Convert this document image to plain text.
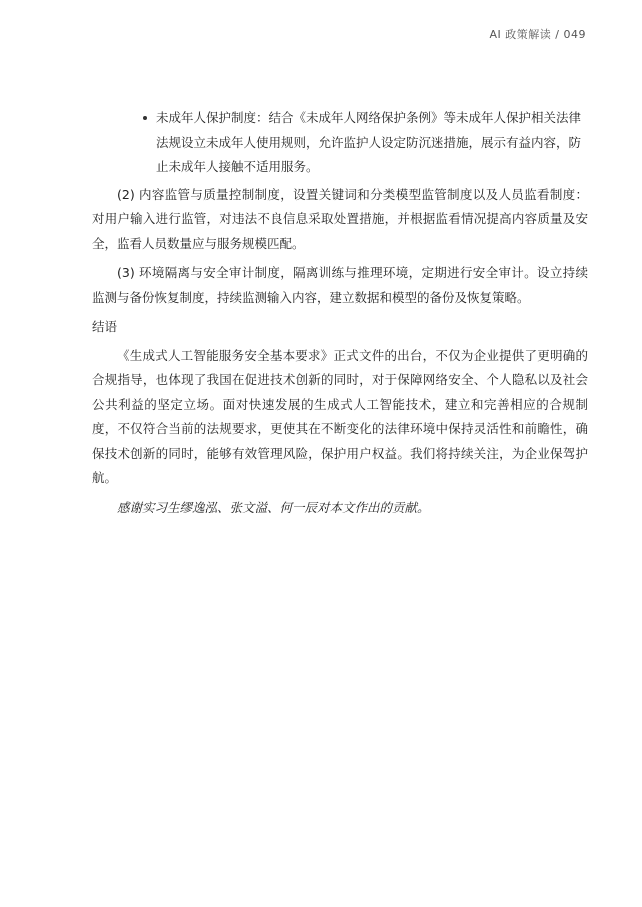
AI 政策解读 / 049
未成年人保护制度：结合《未成年人网络保护条例》等未成年人保护相关法律法规设立未成年人使用规则，允许监护人设定防沉迷措施，展示有益内容，防止未成年人接触不适用服务。

(2) 内容监管与质量控制制度，设置关键词和分类模型监管制度以及人员监看制度：对用户输入进行监管，对违法不良信息采取处置措施，并根据监看情况提高内容质量及安全，监看人员数量应与服务规模匹配。

(3) 环境隔离与安全审计制度，隔离训练与推理环境，定期进行安全审计。设立持续监测与备份恢复制度，持续监测输入内容，建立数据和模型的备份及恢复策略。

结语

《生成式人工智能服务安全基本要求》正式文件的出台，不仅为企业提供了更明确的合规指导，也体现了我国在促进技术创新的同时，对于保障网络安全、个人隐私以及社会公共利益的坚定立场。面对快速发展的生成式人工智能技术，建立和完善相应的合规制度，不仅符合当前的法规要求，更使其在不断变化的法律环境中保持灵活性和前瞻性，确保技术创新的同时，能够有效管理风险，保护用户权益。我们将持续关注，为企业保驾护航。

感谢实习生缪逸泓、张文溢、何一辰对本文作出的贡献。
